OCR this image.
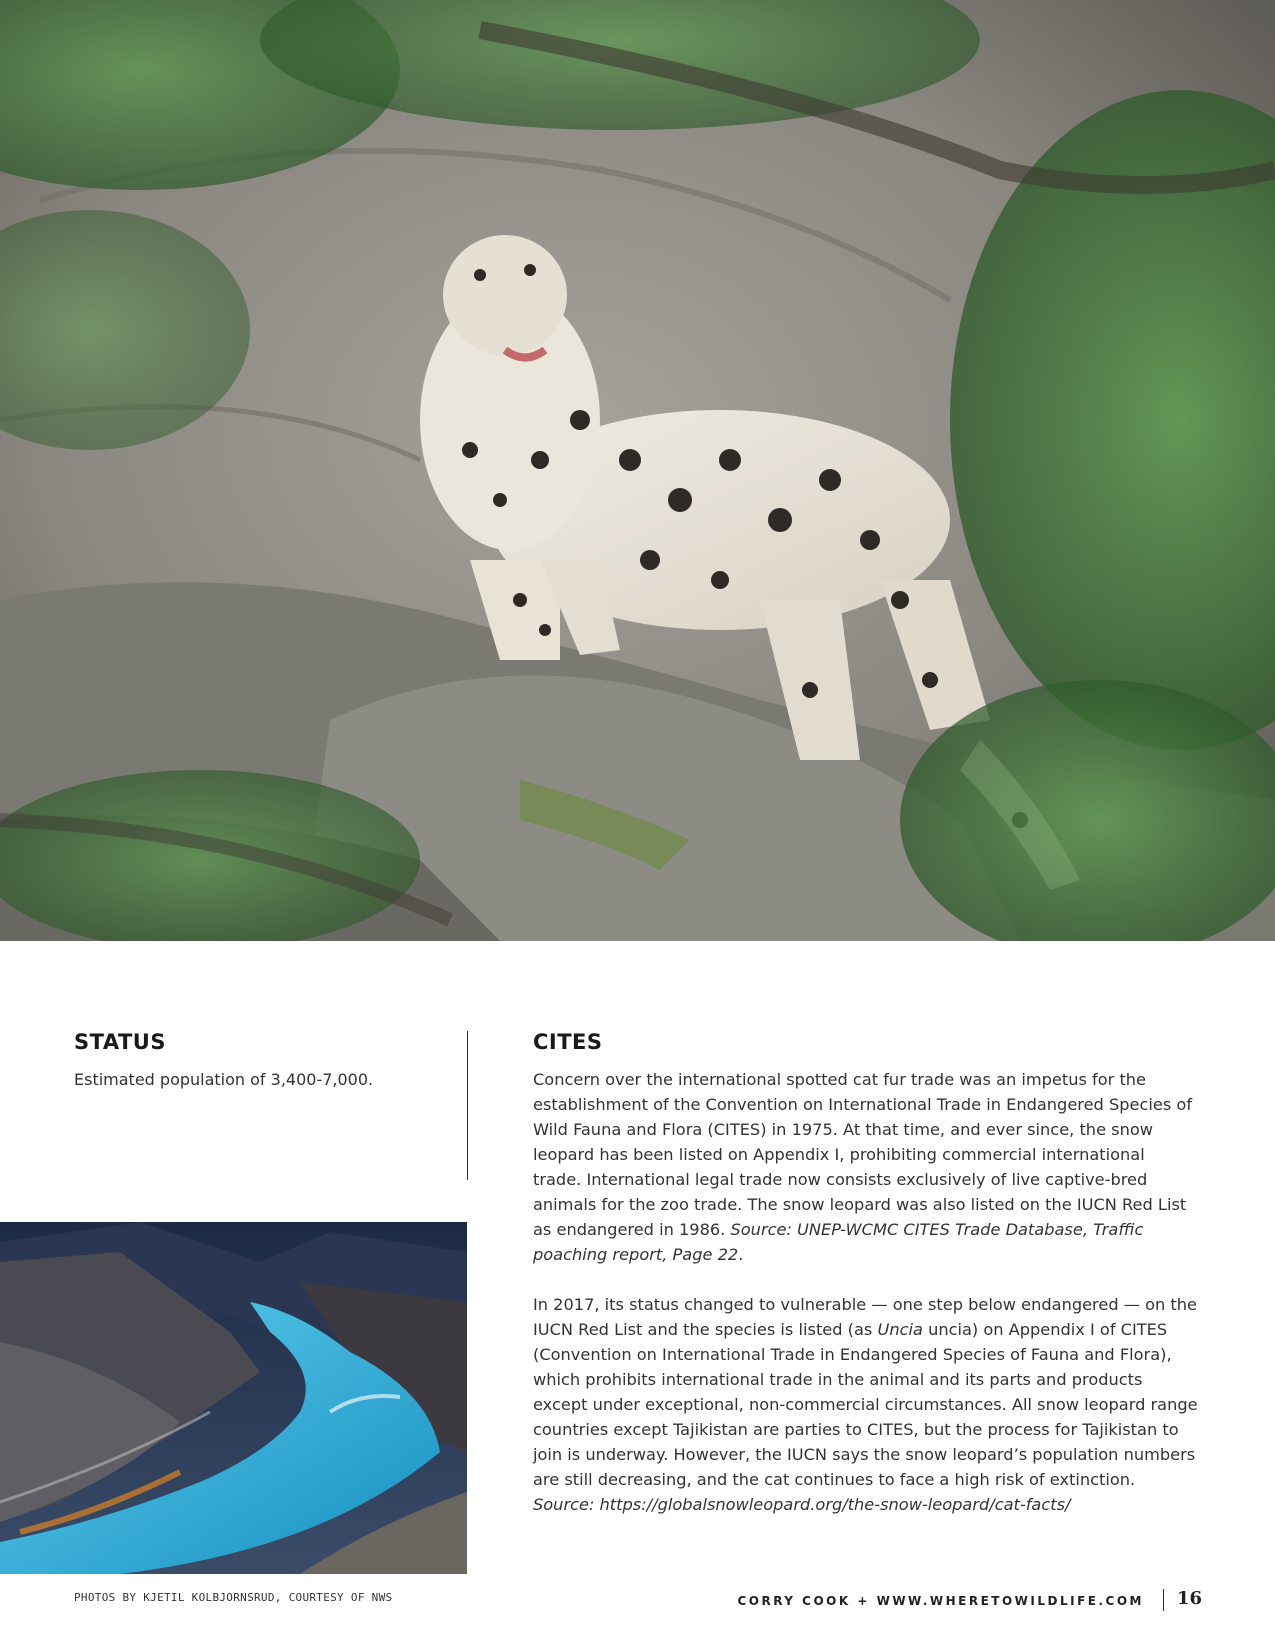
STATUS

Estimated population of 3,400-7,000.

CITES

Concern over the international spotted cat fur trade was an impetus for the establishment of the Convention on International Trade in Endangered Species of Wild Fauna and Flora (CITES) in 1975. At that time, and ever since, the snow leopard has been listed on Appendix I, prohibiting commercial international trade. International legal trade now consists exclusively of live captive-bred animals for the zoo trade. The snow leopard was also listed on the IUCN Red List as endangered in 1986. Source: UNEP-WCMC CITES Trade Database, Traffic poaching report, Page 22.

In 2017, its status changed to vulnerable — one step below endangered — on the IUCN Red List and the species is listed (as Uncia uncia) on Appendix I of CITES (Convention on International Trade in Endangered Species of Fauna and Flora), which prohibits international trade in the animal and its parts and products except under exceptional, non-commercial circumstances. All snow leopard range countries except Tajikistan are parties to CITES, but the process for Tajikistan to join is underway. However, the IUCN says the snow leopard’s population numbers are still decreasing, and the cat continues to face a high risk of extinction. Source: https://globalsnowleopard.org/the-snow-leopard/cat-facts/

PHOTOS BY KJETIL KOLBJORNSRUD, COURTESY OF NWS	CORRY COOK + WWW.WHERETOWILDLIFE.COM 16
